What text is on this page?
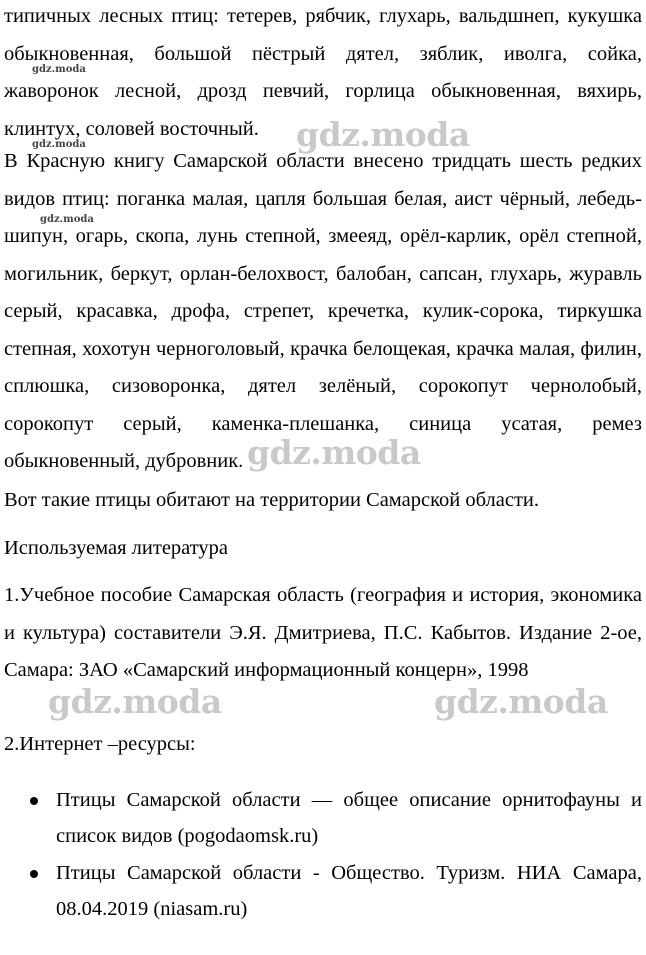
типичных лесных птиц: тетерев, рябчик, глухарь, вальдшнеп, кукушка обыкновенная, большой пёстрый дятел, зяблик, иволга, сойка, жаворонок лесной, дрозд певчий, горлица обыкновенная, вяхирь, клинтух, соловей восточный.

В Красную книгу Самарской области внесено тридцать шесть редких видов птиц: поганка малая, цапля большая белая, аист чёрный, лебедь-шипун, огарь, скопа, лунь степной, змееяд, орёл-карлик, орёл степной, могильник, беркут, орлан-белохвост, балобан, сапсан, глухарь, журавль серый, красавка, дрофа, стрепет, кречетка, кулик-сорока, тиркушка степная, хохотун черноголовый, крачка белощекая, крачка малая, филин, сплюшка, сизоворонка, дятел зелёный, сорокопут чернолобый, сорокопут серый, каменка-плешанка, синица усатая, ремез обыкновенный, дубровник.

Вот такие птицы обитают на территории Самарской области.

Используемая литература

1.Учебное пособие Самарская область (география и история, экономика и культура) составители Э.Я. Дмитриева, П.С. Кабытов. Издание 2-ое, Самара: ЗАО «Самарский информационный концерн», 1998

2.Интернет –ресурсы:

Птицы Самарской области — общее описание орнитофауны и список видов (pogodaomsk.ru)
Птицы Самарской области - Общество. Туризм. НИА Самара, 08.04.2019 (niasam.ru)
gdz.moda
gdz.moda
gdz.moda
gdz.moda
gdz.moda
gdz.moda	gdz.moda
